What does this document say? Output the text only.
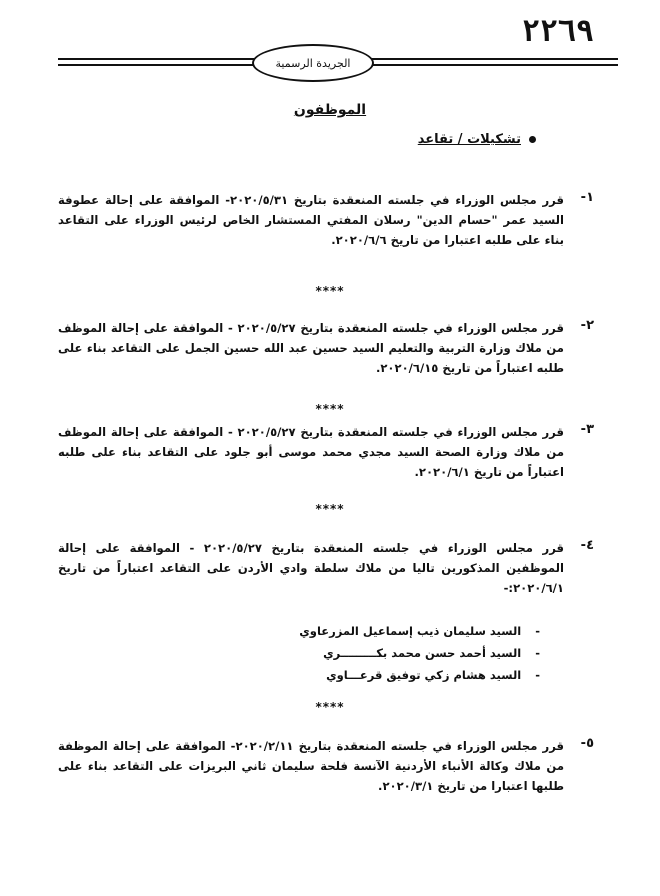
٢٢٦٩
الجريدة الرسمية
الموظفون
تشكيلات / تقاعد
١-
قرر مجلس الوزراء في جلسته المنعقدة بتاريخ ٢٠٢٠/٥/٣١- الموافقة على إحالة عطوفة السيد عمر "حسام الدين" رسلان المفتي المستشار الخاص لرئيس الوزراء على التقاعد بناء على طلبه اعتبارا من تاريخ ٢٠٢٠/٦/٦.
****
٢-
قرر مجلس الوزراء في جلسته المنعقدة بتاريخ ٢٠٢٠/٥/٢٧ - الموافقة على إحالة الموظف من ملاك وزارة التربية والتعليم السيد حسين عبد الله حسين الجمل على التقاعد بناء على طلبه اعتباراً من تاريخ ٢٠٢٠/٦/١٥.
****
٣-
قرر مجلس الوزراء في جلسته المنعقدة بتاريخ ٢٠٢٠/٥/٢٧ - الموافقة على إحالة الموظف من ملاك وزارة الصحة السيد مجدي محمد موسى أبو جلود على التقاعد بناء على طلبه اعتباراً من تاريخ ٢٠٢٠/٦/١.
****
٤-
قرر مجلس الوزراء في جلسته المنعقدة بتاريخ ٢٠٢٠/٥/٢٧ - الموافقة على إحالة الموظفين المذكورين تاليا من ملاك سلطة وادي الأردن على التقاعد اعتباراً من تاريخ ٢٠٢٠/٦/١:-
-
السيد سليمان ذيب إسماعيل المزرعاوي
-
السيد أحمد حسن محمد بكـــــــــري
-
السيد هشام زكي توفيق قرعـــاوي
****
٥-
قرر مجلس الوزراء في جلسته المنعقدة بتاريخ ٢٠٢٠/٢/١١- الموافقة على إحالة الموظفة من ملاك وكالة الأنباء الأردنية الآنسة فلحة سليمان ثاني البريزات على التقاعد بناء على طلبها اعتبارا من تاريخ ٢٠٢٠/٣/١.
